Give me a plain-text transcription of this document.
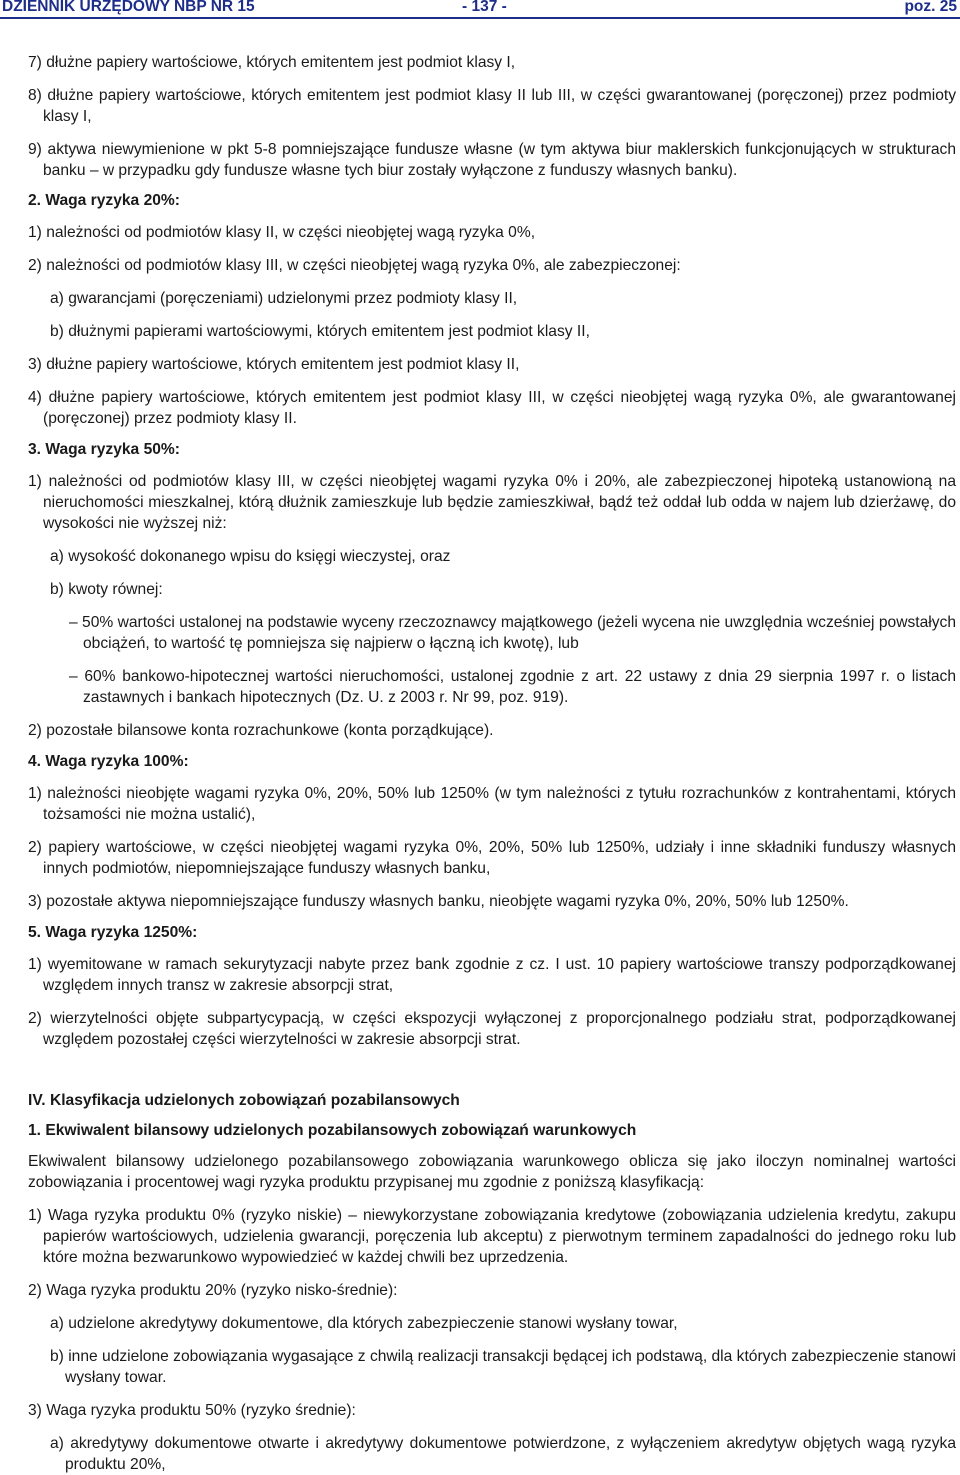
DZIENNIK URZĘDOWY NBP NR 15	- 137 -	poz. 25

7) dłużne papiery wartościowe, których emitentem jest podmiot klasy I,

8) dłużne papiery wartościowe, których emitentem jest podmiot klasy II lub III, w części gwarantowanej (poręczonej) przez podmioty klasy I,

9) aktywa niewymienione w pkt 5-8 pomniejszające fundusze własne (w tym aktywa biur maklerskich funkcjonujących w strukturach banku – w przypadku gdy fundusze własne tych biur zostały wyłączone z funduszy własnych banku).

2. Waga ryzyka 20%:

1) należności od podmiotów klasy II, w części nieobjętej wagą ryzyka 0%,

2) należności od podmiotów klasy III, w części nieobjętej wagą ryzyka 0%, ale zabezpieczonej:

a) gwarancjami (poręczeniami) udzielonymi przez podmioty klasy II,

b) dłużnymi papierami wartościowymi, których emitentem jest podmiot klasy II,

3) dłużne papiery wartościowe, których emitentem jest podmiot klasy II,

4) dłużne papiery wartościowe, których emitentem jest podmiot klasy III, w części nieobjętej wagą ryzyka 0%, ale gwarantowanej (poręczonej) przez podmioty klasy II.

3. Waga ryzyka 50%:

1) należności od podmiotów klasy III, w części nieobjętej wagami ryzyka 0% i 20%, ale zabezpieczonej hipoteką ustanowioną na nieruchomości mieszkalnej, którą dłużnik zamieszkuje lub będzie zamieszkiwał, bądź też oddał lub odda w najem lub dzierżawę, do wysokości nie wyższej niż:

a) wysokość dokonanego wpisu do księgi wieczystej, oraz

b) kwoty równej:

– 50% wartości ustalonej na podstawie wyceny rzeczoznawcy majątkowego (jeżeli wycena nie uwzględnia wcześniej powstałych obciążeń, to wartość tę pomniejsza się najpierw o łączną ich kwotę), lub

– 60% bankowo-hipotecznej wartości nieruchomości, ustalonej zgodnie z art. 22 ustawy z dnia 29 sierpnia 1997 r. o listach zastawnych i bankach hipotecznych (Dz. U. z 2003 r. Nr 99, poz. 919).

2) pozostałe bilansowe konta rozrachunkowe (konta porządkujące).

4. Waga ryzyka 100%:

1) należności nieobjęte wagami ryzyka 0%, 20%, 50% lub 1250% (w tym należności z tytułu rozrachunków z kontrahentami, których tożsamości nie można ustalić),

2) papiery wartościowe, w części nieobjętej wagami ryzyka 0%, 20%, 50% lub 1250%, udziały i inne składniki funduszy własnych innych podmiotów, niepomniejszające funduszy własnych banku,

3) pozostałe aktywa niepomniejszające funduszy własnych banku, nieobjęte wagami ryzyka 0%, 20%, 50% lub 1250%.

5. Waga ryzyka 1250%:

1) wyemitowane w ramach sekurytyzacji nabyte przez bank zgodnie z cz. I ust. 10 papiery wartościowe transzy podporządkowanej względem innych transz w zakresie absorpcji strat,

2) wierzytelności objęte subpartycypacją, w części ekspozycji wyłączonej z proporcjonalnego podziału strat, podporządkowanej względem pozostałej części wierzytelności w zakresie absorpcji strat.

IV. Klasyfikacja udzielonych zobowiązań pozabilansowych

1. Ekwiwalent bilansowy udzielonych pozabilansowych zobowiązań warunkowych

Ekwiwalent bilansowy udzielonego pozabilansowego zobowiązania warunkowego oblicza się jako iloczyn nominalnej wartości zobowiązania i procentowej wagi ryzyka produktu przypisanej mu zgodnie z poniższą klasyfikacją:

1) Waga ryzyka produktu 0% (ryzyko niskie) – niewykorzystane zobowiązania kredytowe (zobowiązania udzielenia kredytu, zakupu papierów wartościowych, udzielenia gwarancji, poręczenia lub akceptu) z pierwotnym terminem zapadalności do jednego roku lub które można bezwarunkowo wypowiedzieć w każdej chwili bez uprzedzenia.

2) Waga ryzyka produktu 20% (ryzyko nisko-średnie):

a) udzielone akredytywy dokumentowe, dla których zabezpieczenie stanowi wysłany towar,

b) inne udzielone zobowiązania wygasające z chwilą realizacji transakcji będącej ich podstawą, dla których zabezpieczenie stanowi wysłany towar.

3) Waga ryzyka produktu 50% (ryzyko średnie):

a) akredytywy dokumentowe otwarte i akredytywy dokumentowe potwierdzone, z wyłączeniem akredytyw objętych wagą ryzyka produktu 20%,
